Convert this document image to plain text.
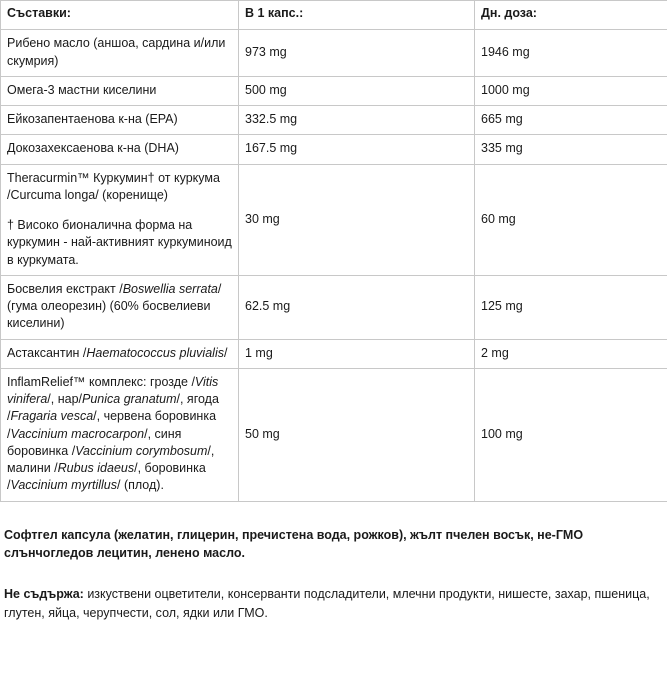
Съставки:	В 1 капс.:	Дн. доза:
Рибено масло (аншоа, сардина и/или скумрия)	973 mg	1946 mg
Омега-3 мастни киселини	500 mg	1000 mg
Ейкозапентаенова к-на (EPA)	332.5 mg	665 mg
Докозахексаенова к-на (DHA)	167.5 mg	335 mg

Theracurmin™ Куркумин† от куркума /Curcuma longa/ (коренище)
† Високо бионалична форма на куркумин - най-активният куркуминоид в куркумата.	30 mg	60 mg
Босвелия екстракт /Boswellia serrata/ (гума олеорезин) (60% босвелиеви киселини)	62.5 mg	125 mg
Астаксантин /Haematococcus pluvialis/	1 mg	2 mg
InflamRelief™ комплекс: гроздe /Vitis vinifera/, нар/Punica granatum/, ягода /Fragaria vesca/, червена боровинка /Vaccinium macrocarpon/, синя боровинка /Vaccinium corymbosum/, малини /Rubus idaeus/, боровинка /Vaccinium myrtillus/ (плод).	50 mg	100 mg

Софтгел капсула (желатин, глицерин, пречистена вода, рожков), жълт пчелен восък, не-ГМО слънчогледов лецитин, ленено масло.

Не съдържа: изкуствени оцветители, консерванти подсладители, млечни продукти, нишесте, захар, пшеница, глутен, яйца, черупчести, сол, ядки или ГМО.
